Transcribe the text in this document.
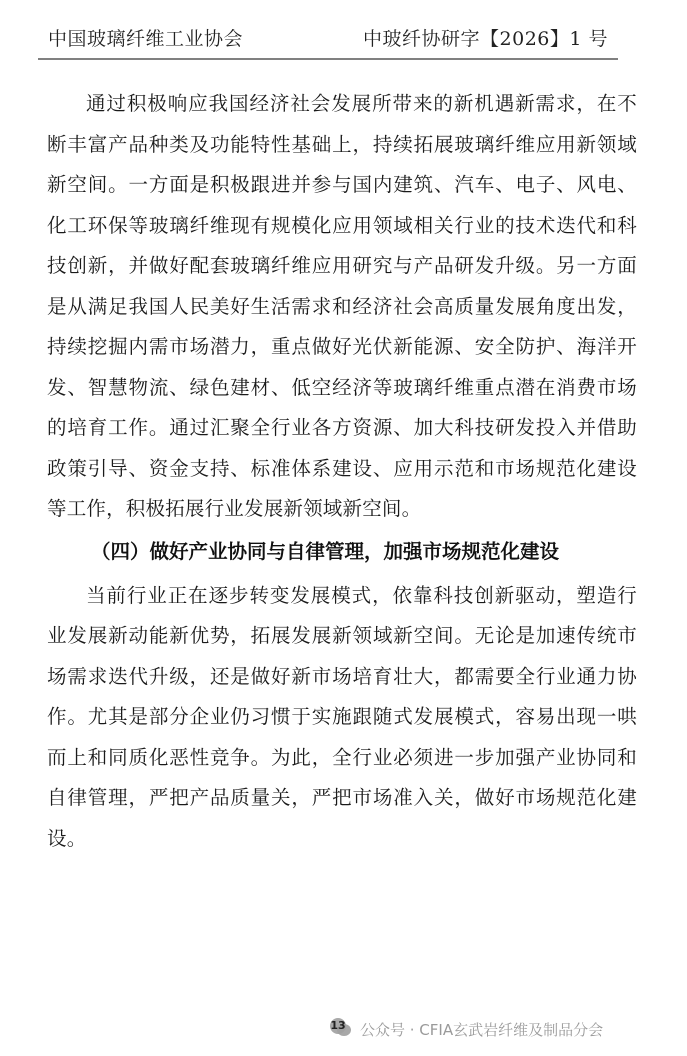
中国玻璃纤维工业协会	中玻纤协研字【2026】1 号

通过积极响应我国经济社会发展所带来的新机遇新需求，在不断丰富产品种类及功能特性基础上，持续拓展玻璃纤维应用新领域新空间。一方面是积极跟进并参与国内建筑、汽车、电子、风电、化工环保等玻璃纤维现有规模化应用领域相关行业的技术迭代和科技创新，并做好配套玻璃纤维应用研究与产品研发升级。另一方面是从满足我国人民美好生活需求和经济社会高质量发展角度出发，持续挖掘内需市场潜力，重点做好光伏新能源、安全防护、海洋开发、智慧物流、绿色建材、低空经济等玻璃纤维重点潜在消费市场的培育工作。通过汇聚全行业各方资源、加大科技研发投入并借助政策引导、资金支持、标准体系建设、应用示范和市场规范化建设等工作，积极拓展行业发展新领域新空间。

（四）做好产业协同与自律管理，加强市场规范化建设

当前行业正在逐步转变发展模式，依靠科技创新驱动，塑造行业发展新动能新优势，拓展发展新领域新空间。无论是加速传统市场需求迭代升级，还是做好新市场培育壮大，都需要全行业通力协作。尤其是部分企业仍习惯于实施跟随式发展模式，容易出现一哄而上和同质化恶性竞争。为此，全行业必须进一步加强产业协同和自律管理，严把产品质量关，严把市场准入关，做好市场规范化建设。

13 公众号 · CFIA玄武岩纤维及制品分会
